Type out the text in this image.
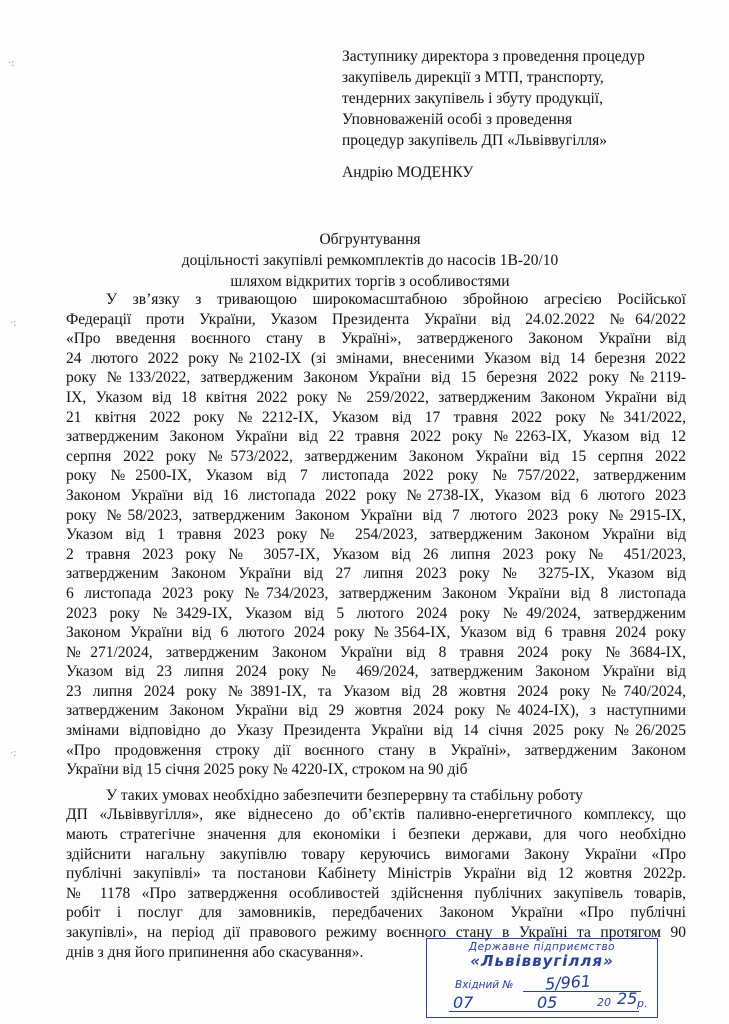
·:
·:
·:
Заступнику директора з проведення процедур
закупівель дирекції з МТП, транспорту,
тендерних закупівель і збуту продукції,
Уповноваженій особі з проведення
процедур закупівель ДП «Львіввугілля»
Андрію МОДЕНКУ
Обгрунтування
доцільності закупівлі ремкомплектів до насосів 1В-20/10
шляхом відкритих торгів з особливостями
У зв’язку з тривающою широкомасштабною збройною агресією Російської
Федерації проти України, Указом Президента України від 24.02.2022 №64/2022
«Про введення воєнного стану в Україні», затвердженого Законом України від
24 лютого 2022 року №2102-IX (зі змінами, внесеними Указом від 14 березня 2022
року №133/2022, затвердженим Законом України від 15 березня 2022 року №2119-
IX, Указом від 18 квітня 2022 року № 259/2022, затвердженим Законом України від
21 квітня 2022 року №2212-IX, Указом від 17 травня 2022 року №341/2022,
затвердженим Законом України від 22 травня 2022 року №2263-IX, Указом від 12
серпня 2022 року №573/2022, затвердженим Законом України від 15 серпня 2022
року №2500-IX, Указом від 7 листопада 2022 року №757/2022, затвердженим
Законом України від 16 листопада 2022 року №2738-IX, Указом від 6 лютого 2023
року №58/2023, затвердженим Законом України від 7 лютого 2023 року №2915-IX,
Указом від 1 травня 2023 року № 254/2023, затвердженим Законом України від
2 травня 2023 року № 3057-IX, Указом від 26 липня 2023 року № 451/2023,
затвердженим Законом України від 27 липня 2023 року № 3275-IX, Указом від
6 листопада 2023 року №734/2023, затвердженим Законом України від 8 листопада
2023 року №3429-IX, Указом від 5 лютого 2024 року №49/2024, затвердженим
Законом України від 6 лютого 2024 року №3564-IX, Указом від 6 травня 2024 року
№271/2024, затвердженим Законом України від 8 травня 2024 року №3684-IX,
Указом від 23 липня 2024 року № 469/2024, затвердженим Законом України від
23 липня 2024 року №3891-IX, та Указом від 28 жовтня 2024 року №740/2024,
затвердженим Законом України від 29 жовтня 2024 року №4024-IX), з наступними
змінами відповідно до Указу Президента України від 14 січня 2025 року №26/2025
«Про продовження строку дії воєнного стану в Україні», затвердженим Законом
України від 15 січня 2025 року № 4220-IX, строком на 90 діб
У таких умовах необхідно забезпечити безперервну та стабільну роботу
ДП «Львіввугілля», яке віднесено до об’єктів паливно-енергетичного комплексу, що
мають стратегічне значення для економіки і безпеки держави, для чого необхідно
здійснити нагальну закупівлю товару керуючись вимогами Закону України «Про
публічні закупівлі» та постанови Кабінету Міністрів України від 12 жовтня 2022р.
№ 1178 «Про затвердження особливостей здійснення публічних закупівель товарів,
робіт і послуг для замовників, передбачених Законом України «Про публічні
закупівлі», на період дії правового режиму воєнного стану в Україні та протягом 90
днів з дня його припинення або скасування».	Державне підприємство
«Львіввугілля»
Вхідний № 5/961
07	05	20 25 р.
